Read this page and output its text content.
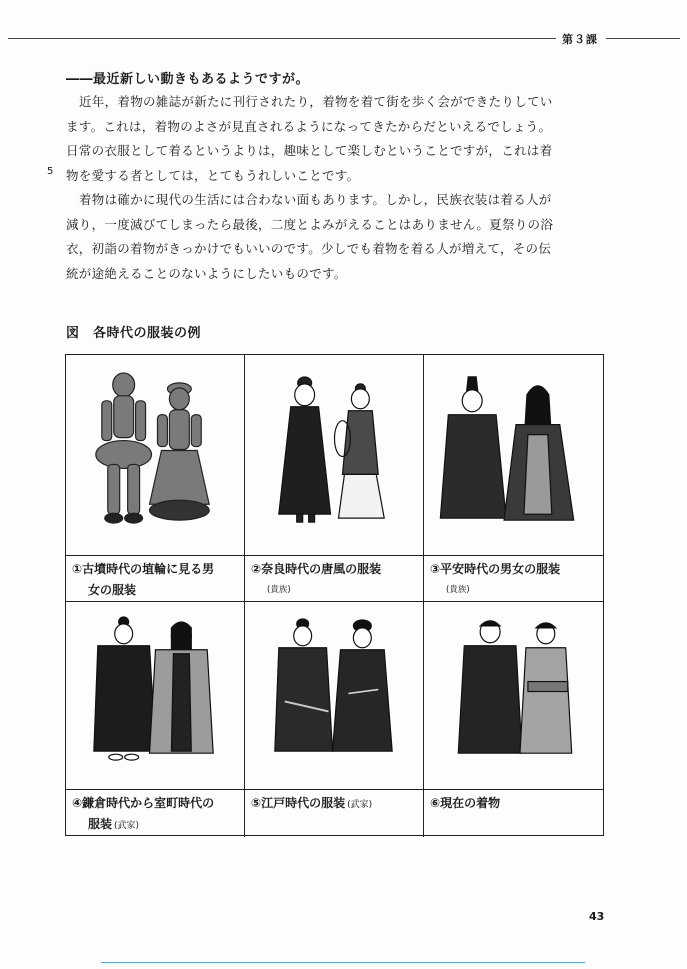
第３課
――最近新しい動きもあるようですが。

近年，着物の雑誌が新たに刊行されたり，着物を着て街を歩く会ができたりしてい

ます。これは，着物のよさが見直されるようになってきたからだといえるでしょう。

日常の衣服として着るというよりは，趣味として楽しむということですが，これは着

物を愛する者としては，とてもうれしいことです。

5

着物は確かに現代の生活には合わない面もあります。しかし，民族衣装は着る人が

減り，一度滅びてしまったら最後，二度とよみがえることはありません。夏祭りの浴

衣，初詣の着物がきっかけでもいいのです。少しでも着物を着る人が増えて，その伝

統が途絶えることのないようにしたいものです。

図　各時代の服装の例
①古墳時代の埴輪に見る男
女の服装
②奈良時代の唐風の服装
(貴族)
③平安時代の男女の服装
(貴族)
④鎌倉時代から室町時代の
服装 (武家)
⑤江戸時代の服装 (武家)	⑥現在の着物
43
